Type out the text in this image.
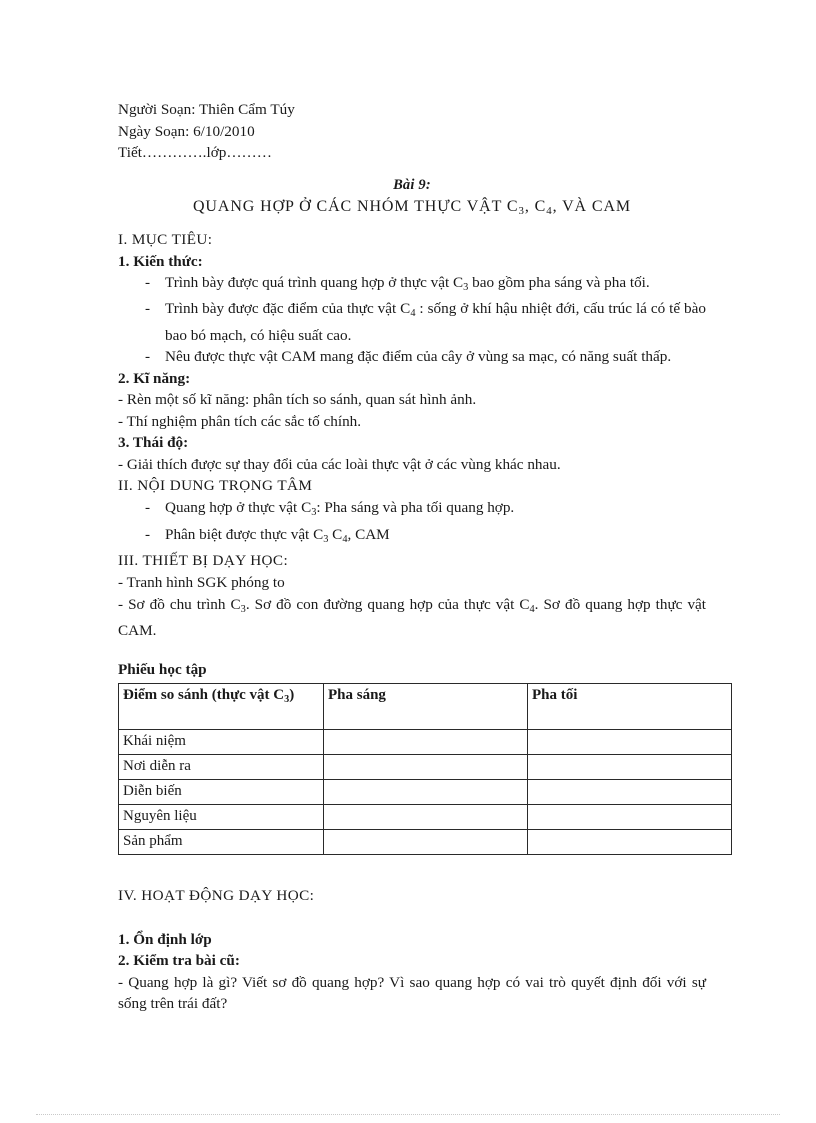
Người Soạn: Thiên Cẩm Túy
Ngày Soạn: 6/10/2010
Tiết………….lớp………
Bài 9:
QUANG HỢP Ở CÁC NHÓM THỰC VẬT $C_3$, $C_4$, VÀ CAM
I. MỤC TIÊU:
1. Kiến thức:
- Trình bày được quá trình quang hợp ở thực vật $C_3$ bao gồm pha sáng và pha tối.
- Trình bày được đặc điểm của thực vật $C_4$ : sống ở khí hậu nhiệt đới, cấu trúc lá có tế bào bao bó mạch, có hiệu suất cao.
- Nêu được thực vật CAM mang đặc điểm của cây ở vùng sa mạc, có năng suất thấp.
2. Kĩ năng:
- Rèn một số kĩ năng: phân tích so sánh, quan sát hình ảnh.
- Thí nghiệm phân tích các sắc tố chính.
3. Thái độ:
- Giải thích được sự thay đổi của các loài thực vật ở các vùng khác nhau.
II. NỘI DUNG TRỌNG TÂM
- Quang hợp ở thực vật $C_3$: Pha sáng và pha tối quang hợp.
- Phân biệt được thực vật $C_3$ $C_4$, CAM
III. THIẾT BỊ DẠY HỌC:
- Tranh hình SGK phóng to
- Sơ đồ chu trình $C_3$. Sơ đồ con đường quang hợp của thực vật $C_4$. Sơ đồ quang hợp thực vật CAM.
Phiếu học tập
Điểm so sánh (thực vật $C_3$)	Pha sáng	Pha tối
Khái niệm		
Nơi diễn ra		
Diễn biến		
Nguyên liệu		
Sản phẩm		
IV. HOẠT ĐỘNG DẠY HỌC:
1. Ổn định lớp
2. Kiểm tra bài cũ:
- Quang hợp là gì? Viết sơ đồ quang hợp? Vì sao quang hợp có vai trò quyết định đối với sự sống trên trái đất?
